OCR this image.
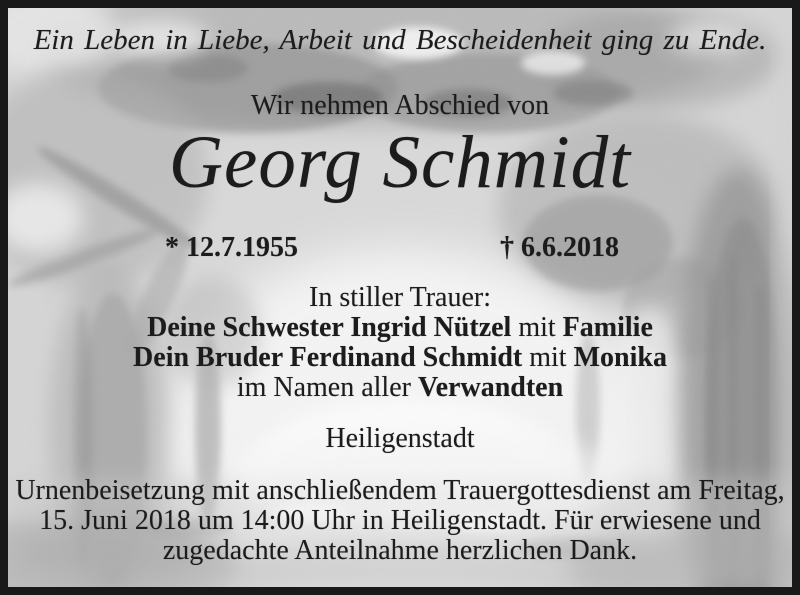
Ein Leben in Liebe, Arbeit und Bescheidenheit ging zu Ende.
Wir nehmen Abschied von
Georg Schmidt
* 12.7.1955	† 6.6.2018
In stiller Trauer:
Deine Schwester Ingrid Nützel mit Familie
Dein Bruder Ferdinand Schmidt mit Monika
im Namen aller Verwandten
Heiligenstadt
Urnenbeisetzung mit anschließendem Trauergottesdienst am Freitag,
15. Juni 2018 um 14:00 Uhr in Heiligenstadt. Für erwiesene und
zugedachte Anteilnahme herzlichen Dank.
